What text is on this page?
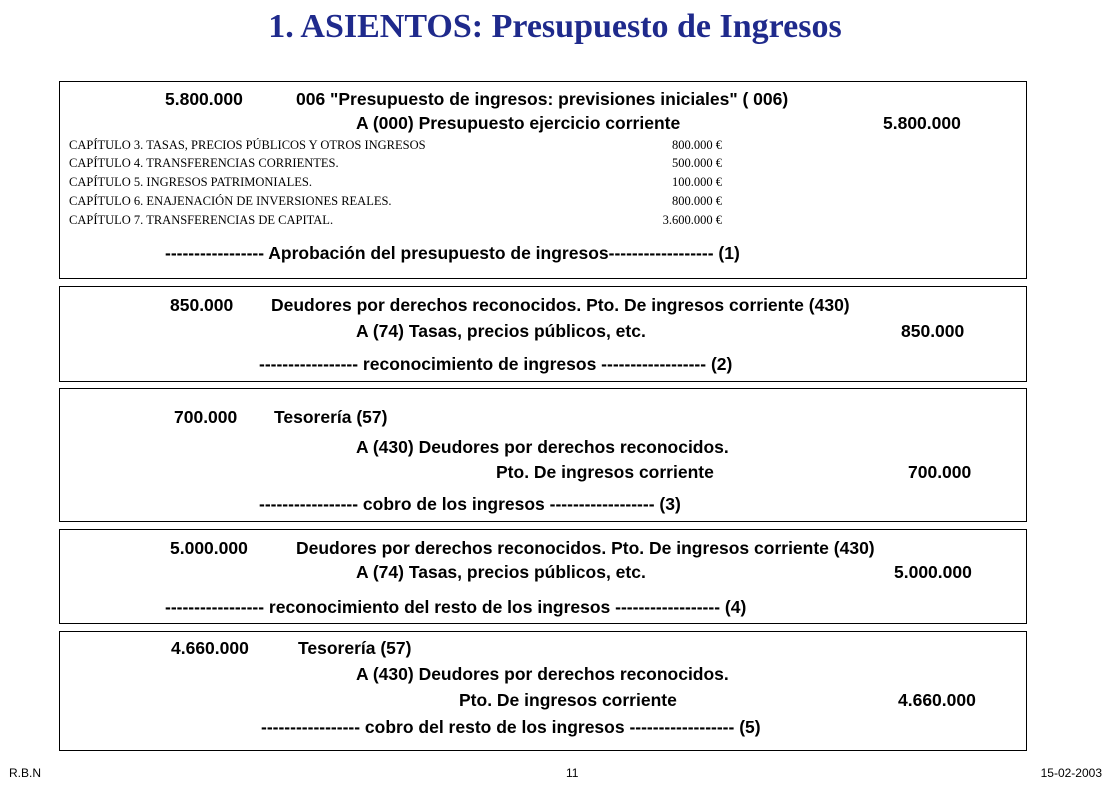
1. ASIENTOS: Presupuesto de Ingresos
5.800.000	006 "Presupuesto de ingresos: previsiones iniciales" ( 006)
A (000) Presupuesto ejercicio corriente	5.800.000
CAPÍTULO 3. TASAS, PRECIOS PÚBLICOS Y OTROS INGRESOS	800.000 €
CAPÍTULO 4. TRANSFERENCIAS CORRIENTES.	500.000 €
CAPÍTULO 5. INGRESOS PATRIMONIALES.	100.000 €
CAPÍTULO 6. ENAJENACIÓN DE INVERSIONES REALES.	800.000 €
CAPÍTULO 7. TRANSFERENCIAS DE CAPITAL.	3.600.000 €
----------------- Aprobación del presupuesto de ingresos------------------ (1)
850.000 Deudores por derechos reconocidos. Pto. De ingresos corriente (430)
A (74) Tasas, precios públicos, etc.	850.000
----------------- reconocimiento de ingresos ------------------ (2)
700.000 Tesorería (57)
A (430) Deudores por derechos reconocidos.
Pto. De ingresos corriente	700.000
----------------- cobro de los ingresos ------------------ (3)
5.000.000	Deudores por derechos reconocidos. Pto. De ingresos corriente (430)
A (74) Tasas, precios públicos, etc.	5.000.000
----------------- reconocimiento del resto de los ingresos ------------------ (4)
4.660.000	Tesorería (57)
A (430) Deudores por derechos reconocidos.
Pto. De ingresos corriente	4.660.000
----------------- cobro del resto de los ingresos ------------------ (5)
R.B.N	11	15-02-2003
